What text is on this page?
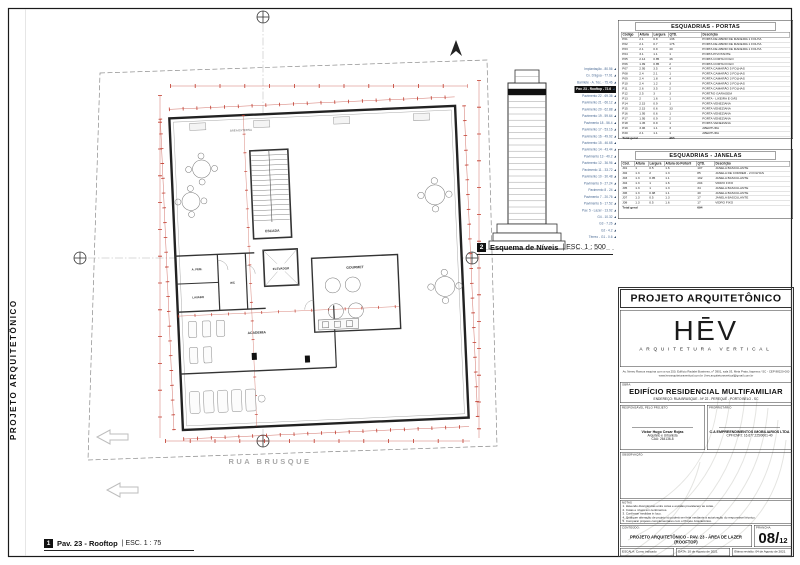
ESCADA
ELEVADOR
A. FEM.
LAVABO
WC
ACADEMIA
GOURMET
ÁREA EXTERNA
PROJETO ARQUITETÔNICO
RUA BRUSQUE
1 Pav. 23 - Rooftop | ESC. 1 : 75
2 Esquema de Níveis | ESC. 1 : 500
Implantação - 80.56
Cx. D'água - 77.91
Barrilete - A. Téc. - 75.46
Pav. 23 - Rooftop - 72.6
Pavimento 22 - 69.36
Pavimento 21 - 66.12
Pavimento 20 - 62.88
Pavimento 19 - 59.64
Pavimento 18 - 56.4
Pavimento 17 - 53.16
Pavimento 16 - 49.92
Pavimento 15 - 46.68
Pavimento 14 - 43.44
Pavimento 13 - 40.2
Pavimento 12 - 36.96
Pavimento 11 - 33.72
Pavimento 10 - 30.48
Pavimento 9 - 27.24
Pavimento 8 - 24
Pavimento 7 - 20.76
Pavimento 6 - 17.52
Pav. 5 - Lazer - 13.92
G4 - 10.32
G3 - 7.26
G2 - 4.2
Térreo - G1 - 0.6
ESQUADRIAS - PORTAS
Código	Altura	Largura	QTD.	Descrição
P01	2.1	0.8	136	PORTA DE ABRIR DE MADEIRA 1 FOLHA
P02	2.1	0.7	176	PORTA DE ABRIR DE MADEIRA 1 FOLHA
P03	2.1	0.9	40	PORTA DE ABRIR DE MADEIRA 1 FOLHA
P04	3.1	1.1	1	PORTA PIVOTANTE
P05	2.14	0.85	46	PORTA CORTA FOGO
P06	1.99	0.85	2	PORTA CORTA FOGO
P07	2.95	3.5	4	PORTA CAMARÃO 5 FOLHAS
P08	2.4	2.1	1	PORTA CAMARÃO 3 FOLHAS
P09	2.4	1.8	4	PORTA CAMARÃO 3 FOLHAS
P10	2.4	1.2	3	PORTA CAMARÃO 3 FOLHAS
P11	2.6	3.5	2	PORTA CAMARÃO 5 FOLHAS
P12	2.5	3	3	PORTÃO GARAGEM
P13	2	1.6	1	PORTA - LIXEIRA E GÁS
P14	2.15	0.9	1	PORTA VENEZIANA
P15	2.15	0.6	33	PORTA VENEZIANA
P16	1.95	0.6	1	PORTA VENEZIANA
P17	1.95	0.9	2	PORTA VENEZIANA
P18	1.45	0.9	1	PORTA VENEZIANA
P19	3.06	1.1	3	ABERTURA
P20	2.1	1.1	1	ABERTURA
Total geral			463	
ESQUADRIAS - JANELAS
Cód.	Altura	Largura	Altura do Peitoril	QTD.	Descrição
J01	1	0.5	1.6	107	JANELA BASCULANTE
J02	1.3	2	1.3	85	JANELA DE CORRER - 2 FOLHAS
J03	1.3	0.95	1.1	192	JANELA BASCULANTE
J04	1.3	1	1.6	204	VIDRO FIXO
J05	1.3	1	1.3	34	JANELA BASCULANTE
J06	1.3	0.98	1.1	40	JANELA BASCULANTE
J07	1.3	0.5	1.3	17	JANELA BASCULANTE
J08	1.3	0.5	1.6	17	VIDRO FIXO
Total geral				694	
PROJETO ARQUITETÔNICO
HĒV
ARQUITETURA VERTICAL
Av. Nereu Ramos esquina com a rua 250, Edifício Radalei Business, nº 3901, sala 03, Meia Praia, Itapema / SC - CEP 88220-000
www.hevarquiteturavertical.com.br | hev.arquiteturavertical@gmail.com.br
OBRA:
EDIFÍCIO RESIDENCIAL MULTIFAMILIAR
ENDEREÇO: RUA BRUSQUE - Nº 22 - PEREQUÊ - PORTO BELO - SC
RESPONSÁVEL PELO PROJETO
Victor Hugo Cesar Rojas
Arquiteto e Urbanista
CAU: 264136-8
PROPRIETÁRIO
C.A EMPREENDIMENTOS IMOBILIARIOS LTDA
CPF/CNPJ: 16.677.225/0001-40
OBSERVAÇÃO:
NOTAS
1. Havendo divergências entre cotas e escalas prevalecem as cotas.
2. Cotas e níveis em centímetros.
3. Confirmar medidas in loco.
4. Qualquer alteração de projeto só poderá ser feita mediante a autorização do responsável técnico.
5. Comparar projetos complementares com o Projeto Arquitetônico.
CONTEÚDO:
PROJETO ARQUITETÔNICO - PAV. 23 - ÁREA DE LAZER (ROOFTOP)
PRANCHA:
08/12
ESCALA: Como indicado	DATA: 10 de Agosto de 2021	Última revisão: 04 de Agosto de 2021
